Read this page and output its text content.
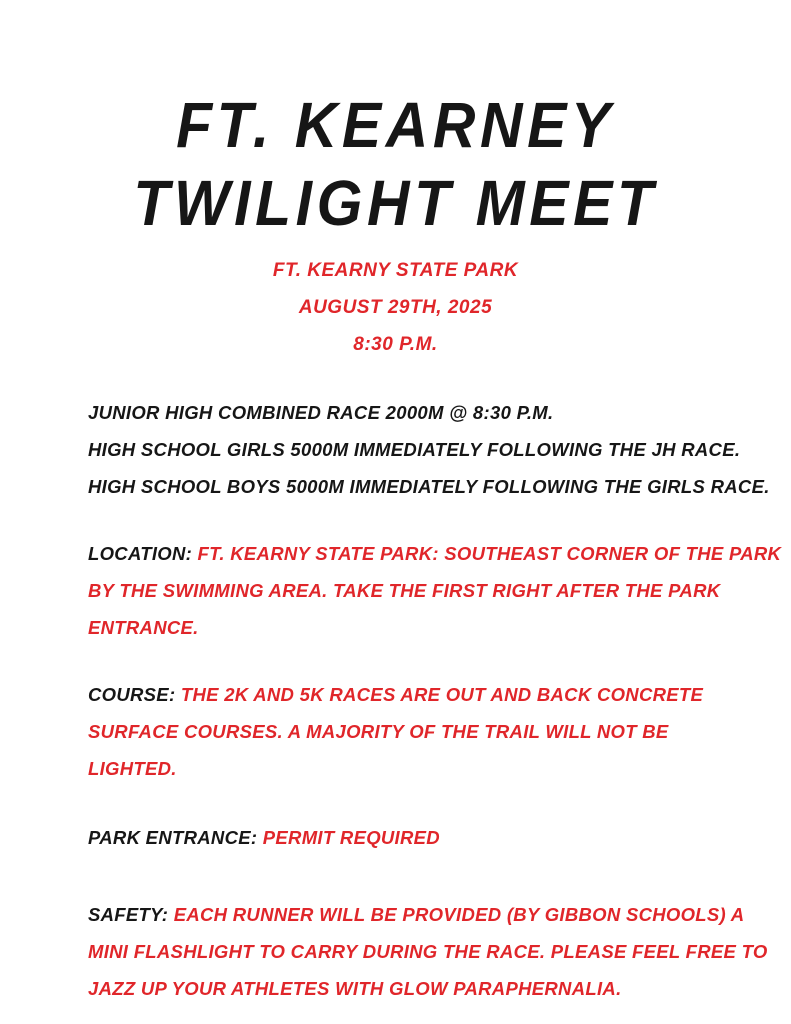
FT. KEARNEY
TWILIGHT MEET
FT. KEARNY STATE PARK
AUGUST 29TH, 2025
8:30 P.M.
JUNIOR HIGH COMBINED RACE 2000M @ 8:30 P.M.
HIGH SCHOOL GIRLS 5000M IMMEDIATELY FOLLOWING THE JH RACE.
HIGH SCHOOL BOYS 5000M IMMEDIATELY FOLLOWING THE GIRLS RACE.
LOCATION: FT. KEARNY STATE PARK: SOUTHEAST CORNER OF THE PARK
BY THE SWIMMING AREA. TAKE THE FIRST RIGHT AFTER THE PARK
ENTRANCE.
COURSE: THE 2K AND 5K RACES ARE OUT AND BACK CONCRETE
SURFACE COURSES. A MAJORITY OF THE TRAIL WILL NOT BE
LIGHTED.
PARK ENTRANCE: PERMIT REQUIRED
SAFETY: EACH RUNNER WILL BE PROVIDED (BY GIBBON SCHOOLS) A
MINI FLASHLIGHT TO CARRY DURING THE RACE. PLEASE FEEL FREE TO
JAZZ UP YOUR ATHLETES WITH GLOW PARAPHERNALIA.
